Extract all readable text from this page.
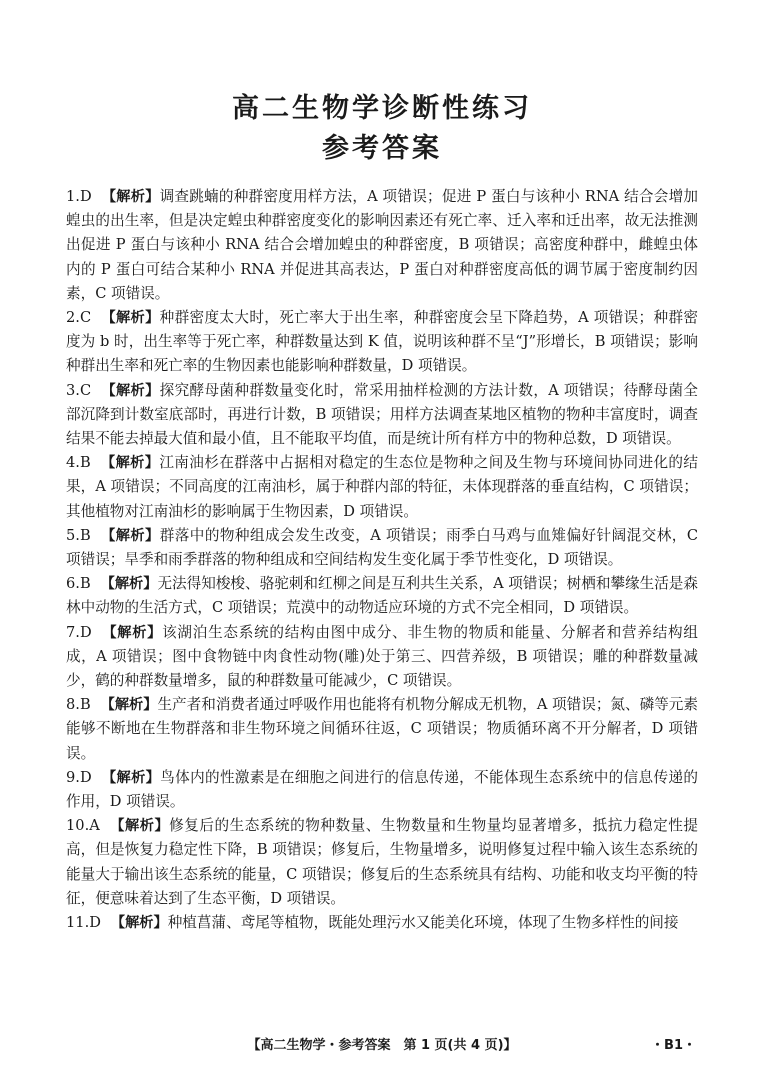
高二生物学诊断性练习
参考答案
1.D 【解析】调查跳蝻的种群密度用样方法，A 项错误；促进 P 蛋白与该种小 RNA 结合会增加蝗虫的出生率，但是决定蝗虫种群密度变化的影响因素还有死亡率、迁入率和迁出率，故无法推测出促进 P 蛋白与该种小 RNA 结合会增加蝗虫的种群密度，B 项错误；高密度种群中，雌蝗虫体内的 P 蛋白可结合某种小 RNA 并促进其高表达，P 蛋白对种群密度高低的调节属于密度制约因素，C 项错误。
2.C 【解析】种群密度太大时，死亡率大于出生率，种群密度会呈下降趋势，A 项错误；种群密度为 b 时，出生率等于死亡率，种群数量达到 K 值，说明该种群不呈“J”形增长，B 项错误；影响种群出生率和死亡率的生物因素也能影响种群数量，D 项错误。
3.C 【解析】探究酵母菌种群数量变化时，常采用抽样检测的方法计数，A 项错误；待酵母菌全部沉降到计数室底部时，再进行计数，B 项错误；用样方法调查某地区植物的物种丰富度时，调查结果不能去掉最大值和最小值，且不能取平均值，而是统计所有样方中的物种总数，D 项错误。
4.B 【解析】江南油杉在群落中占据相对稳定的生态位是物种之间及生物与环境间协同进化的结果，A 项错误；不同高度的江南油杉，属于种群内部的特征，未体现群落的垂直结构，C 项错误；其他植物对江南油杉的影响属于生物因素，D 项错误。
5.B 【解析】群落中的物种组成会发生改变，A 项错误；雨季白马鸡与血雉偏好针阔混交林，C 项错误；旱季和雨季群落的物种组成和空间结构发生变化属于季节性变化，D 项错误。
6.B 【解析】无法得知梭梭、骆驼刺和红柳之间是互利共生关系，A 项错误；树栖和攀缘生活是森林中动物的生活方式，C 项错误；荒漠中的动物适应环境的方式不完全相同，D 项错误。
7.D 【解析】该湖泊生态系统的结构由图中成分、非生物的物质和能量、分解者和营养结构组成，A 项错误；图中食物链中肉食性动物(雕)处于第三、四营养级，B 项错误；雕的种群数量减少，鹤的种群数量增多，鼠的种群数量可能减少，C 项错误。
8.B 【解析】生产者和消费者通过呼吸作用也能将有机物分解成无机物，A 项错误；氮、磷等元素能够不断地在生物群落和非生物环境之间循环往返，C 项错误；物质循环离不开分解者，D 项错误。
9.D 【解析】鸟体内的性激素是在细胞之间进行的信息传递，不能体现生态系统中的信息传递的作用，D 项错误。
10.A 【解析】修复后的生态系统的物种数量、生物数量和生物量均显著增多，抵抗力稳定性提高，但是恢复力稳定性下降，B 项错误；修复后，生物量增多，说明修复过程中输入该生态系统的能量大于输出该生态系统的能量，C 项错误；修复后的生态系统具有结构、功能和收支均平衡的特征，便意味着达到了生态平衡，D 项错误。
11.D 【解析】种植菖蒲、鸢尾等植物，既能处理污水又能美化环境，体现了生物多样性的间接
【高二生物学・参考答案　第 1 页(共 4 页)】	・B1・
